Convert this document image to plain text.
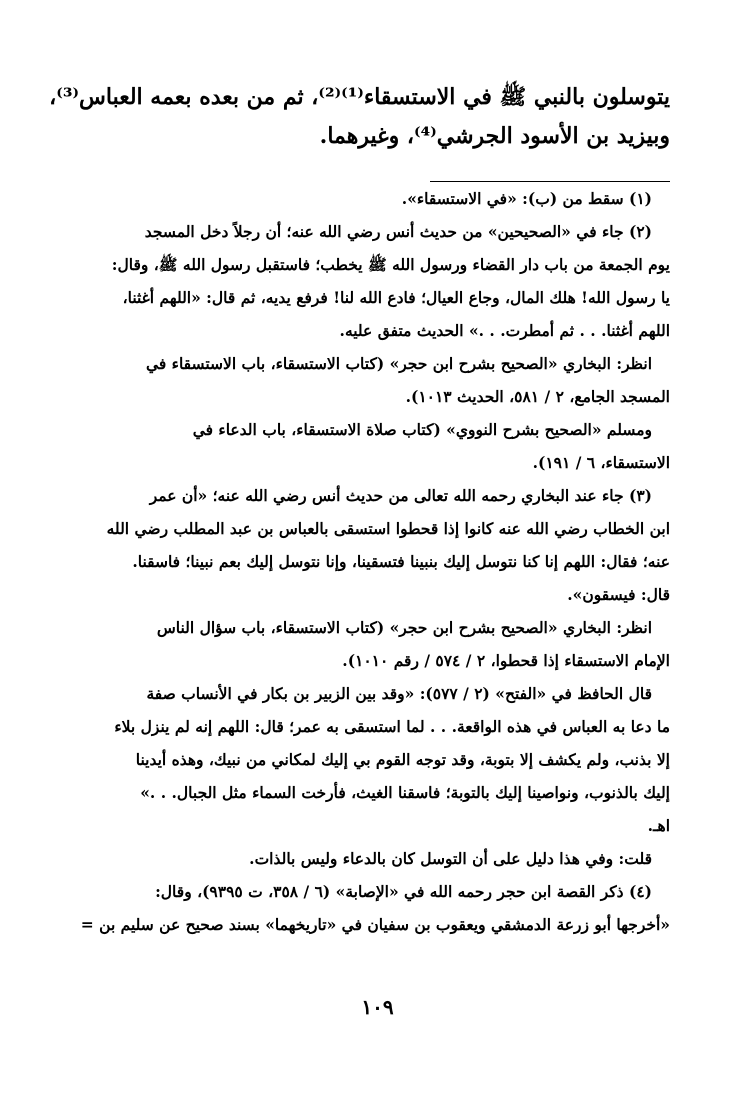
يتوسلون بالنبي ﷺ في الاستسقاء⁽¹⁾⁽²⁾، ثم من بعده بعمه العباس⁽³⁾،
وبيزيد بن الأسود الجرشي⁽⁴⁾، وغيرهما.
(١) سقط من (ب): «في الاستسقاء».
(٢) جاء في «الصحيحين» من حديث أنس رضي الله عنه؛ أن رجلاً دخل المسجد
يوم الجمعة من باب دار القضاء ورسول الله ﷺ يخطب؛ فاستقبل رسول الله ﷺ، وقال:
يا رسول الله! هلك المال، وجاع العيال؛ فادع الله لنا! فرفع يديه، ثم قال: «اللهم أغثنا،
اللهم أغثنا. . . ثم أمطرت. . .» الحديث متفق عليه.
انظر: البخاري «الصحيح بشرح ابن حجر» (كتاب الاستسقاء، باب الاستسقاء في
المسجد الجامع، ٢ / ٥٨١، الحديث ١٠١٣).
ومسلم «الصحيح بشرح النووي» (كتاب صلاة الاستسقاء، باب الدعاء في
الاستسقاء، ٦ / ١٩١).
(٣) جاء عند البخاري رحمه الله تعالى من حديث أنس رضي الله عنه؛ «أن عمر
ابن الخطاب رضي الله عنه كانوا إذا قحطوا استسقى بالعباس بن عبد المطلب رضي الله
عنه؛ فقال: اللهم إنا كنا نتوسل إليك بنبينا فتسقينا، وإنا نتوسل إليك بعم نبينا؛ فاسقنا.
قال: فيسقون».
انظر: البخاري «الصحيح بشرح ابن حجر» (كتاب الاستسقاء، باب سؤال الناس
الإمام الاستسقاء إذا قحطوا، ٢ / ٥٧٤ / رقم ١٠١٠).
قال الحافظ في «الفتح» (٢ / ٥٧٧): «وقد بين الزبير بن بكار في الأنساب صفة
ما دعا به العباس في هذه الواقعة. . . لما استسقى به عمر؛ قال: اللهم إنه لم ينزل بلاء
إلا بذنب، ولم يكشف إلا بتوبة، وقد توجه القوم بي إليك لمكاني من نبيك، وهذه أيدينا
إليك بالذنوب، ونواصينا إليك بالتوبة؛ فاسقنا الغيث، فأرخت السماء مثل الجبال. . .»
اهـ.
قلت: وفي هذا دليل على أن التوسل كان بالدعاء وليس بالذات.
(٤) ذكر القصة ابن حجر رحمه الله في «الإصابة» (٦ / ٣٥٨، ت ٩٣٩٥)، وقال:
«أخرجها أبو زرعة الدمشقي ويعقوب بن سفيان في «تاريخهما» بسند صحيح عن سليم بن =
١٠٩
